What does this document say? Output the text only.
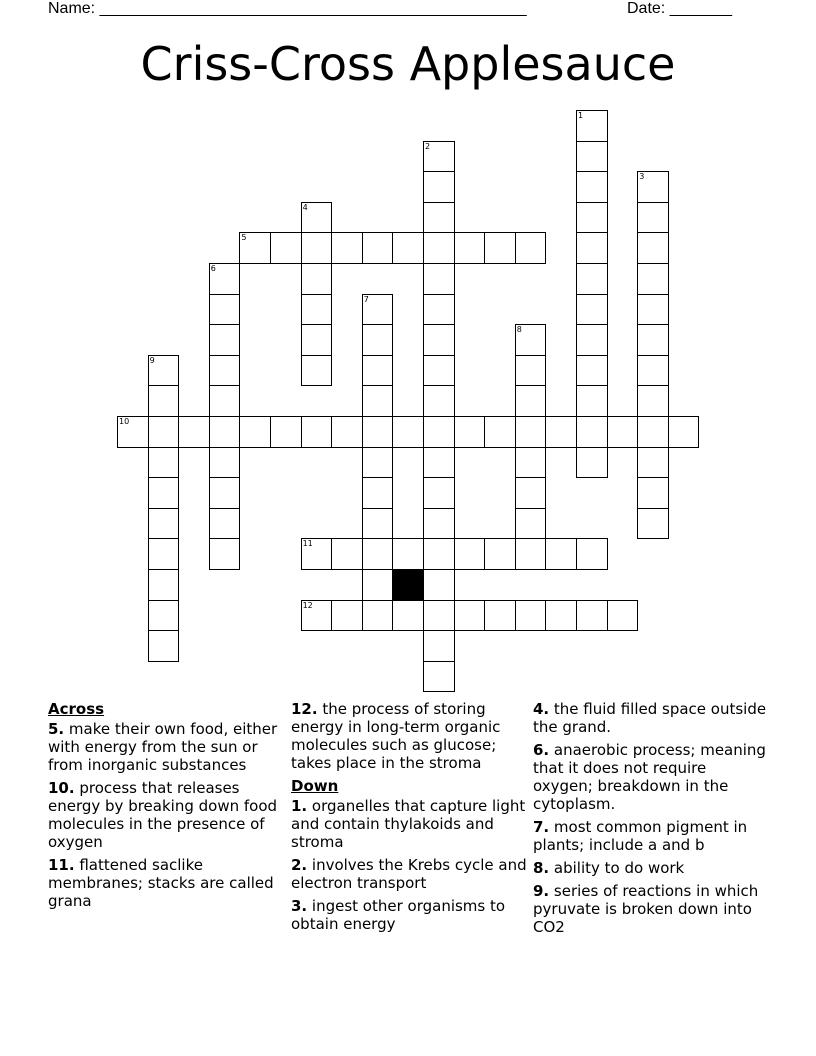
Name: ________________________________________________	Date: _______
Criss-Cross Applesauce
5
10
11
12
1
2
3
4
6
7
8
9
Across
5. make their own food, either with energy from the sun or from inorganic substances
10. process that releases energy by breaking down food molecules in the presence of oxygen
11. flattened saclike membranes; stacks are called grana
12. the process of storing energy in long-term organic molecules such as glucose; takes place in the stroma
Down
1. organelles that capture light and contain thylakoids and stroma
2. involves the Krebs cycle and electron transport
3. ingest other organisms to obtain energy
4. the fluid filled space outside the grand.
6. anaerobic process; meaning that it does not require oxygen; breakdown in the cytoplasm.
7. most common pigment in plants; include a and b
8. ability to do work
9. series of reactions in which pyruvate is broken down into CO2
